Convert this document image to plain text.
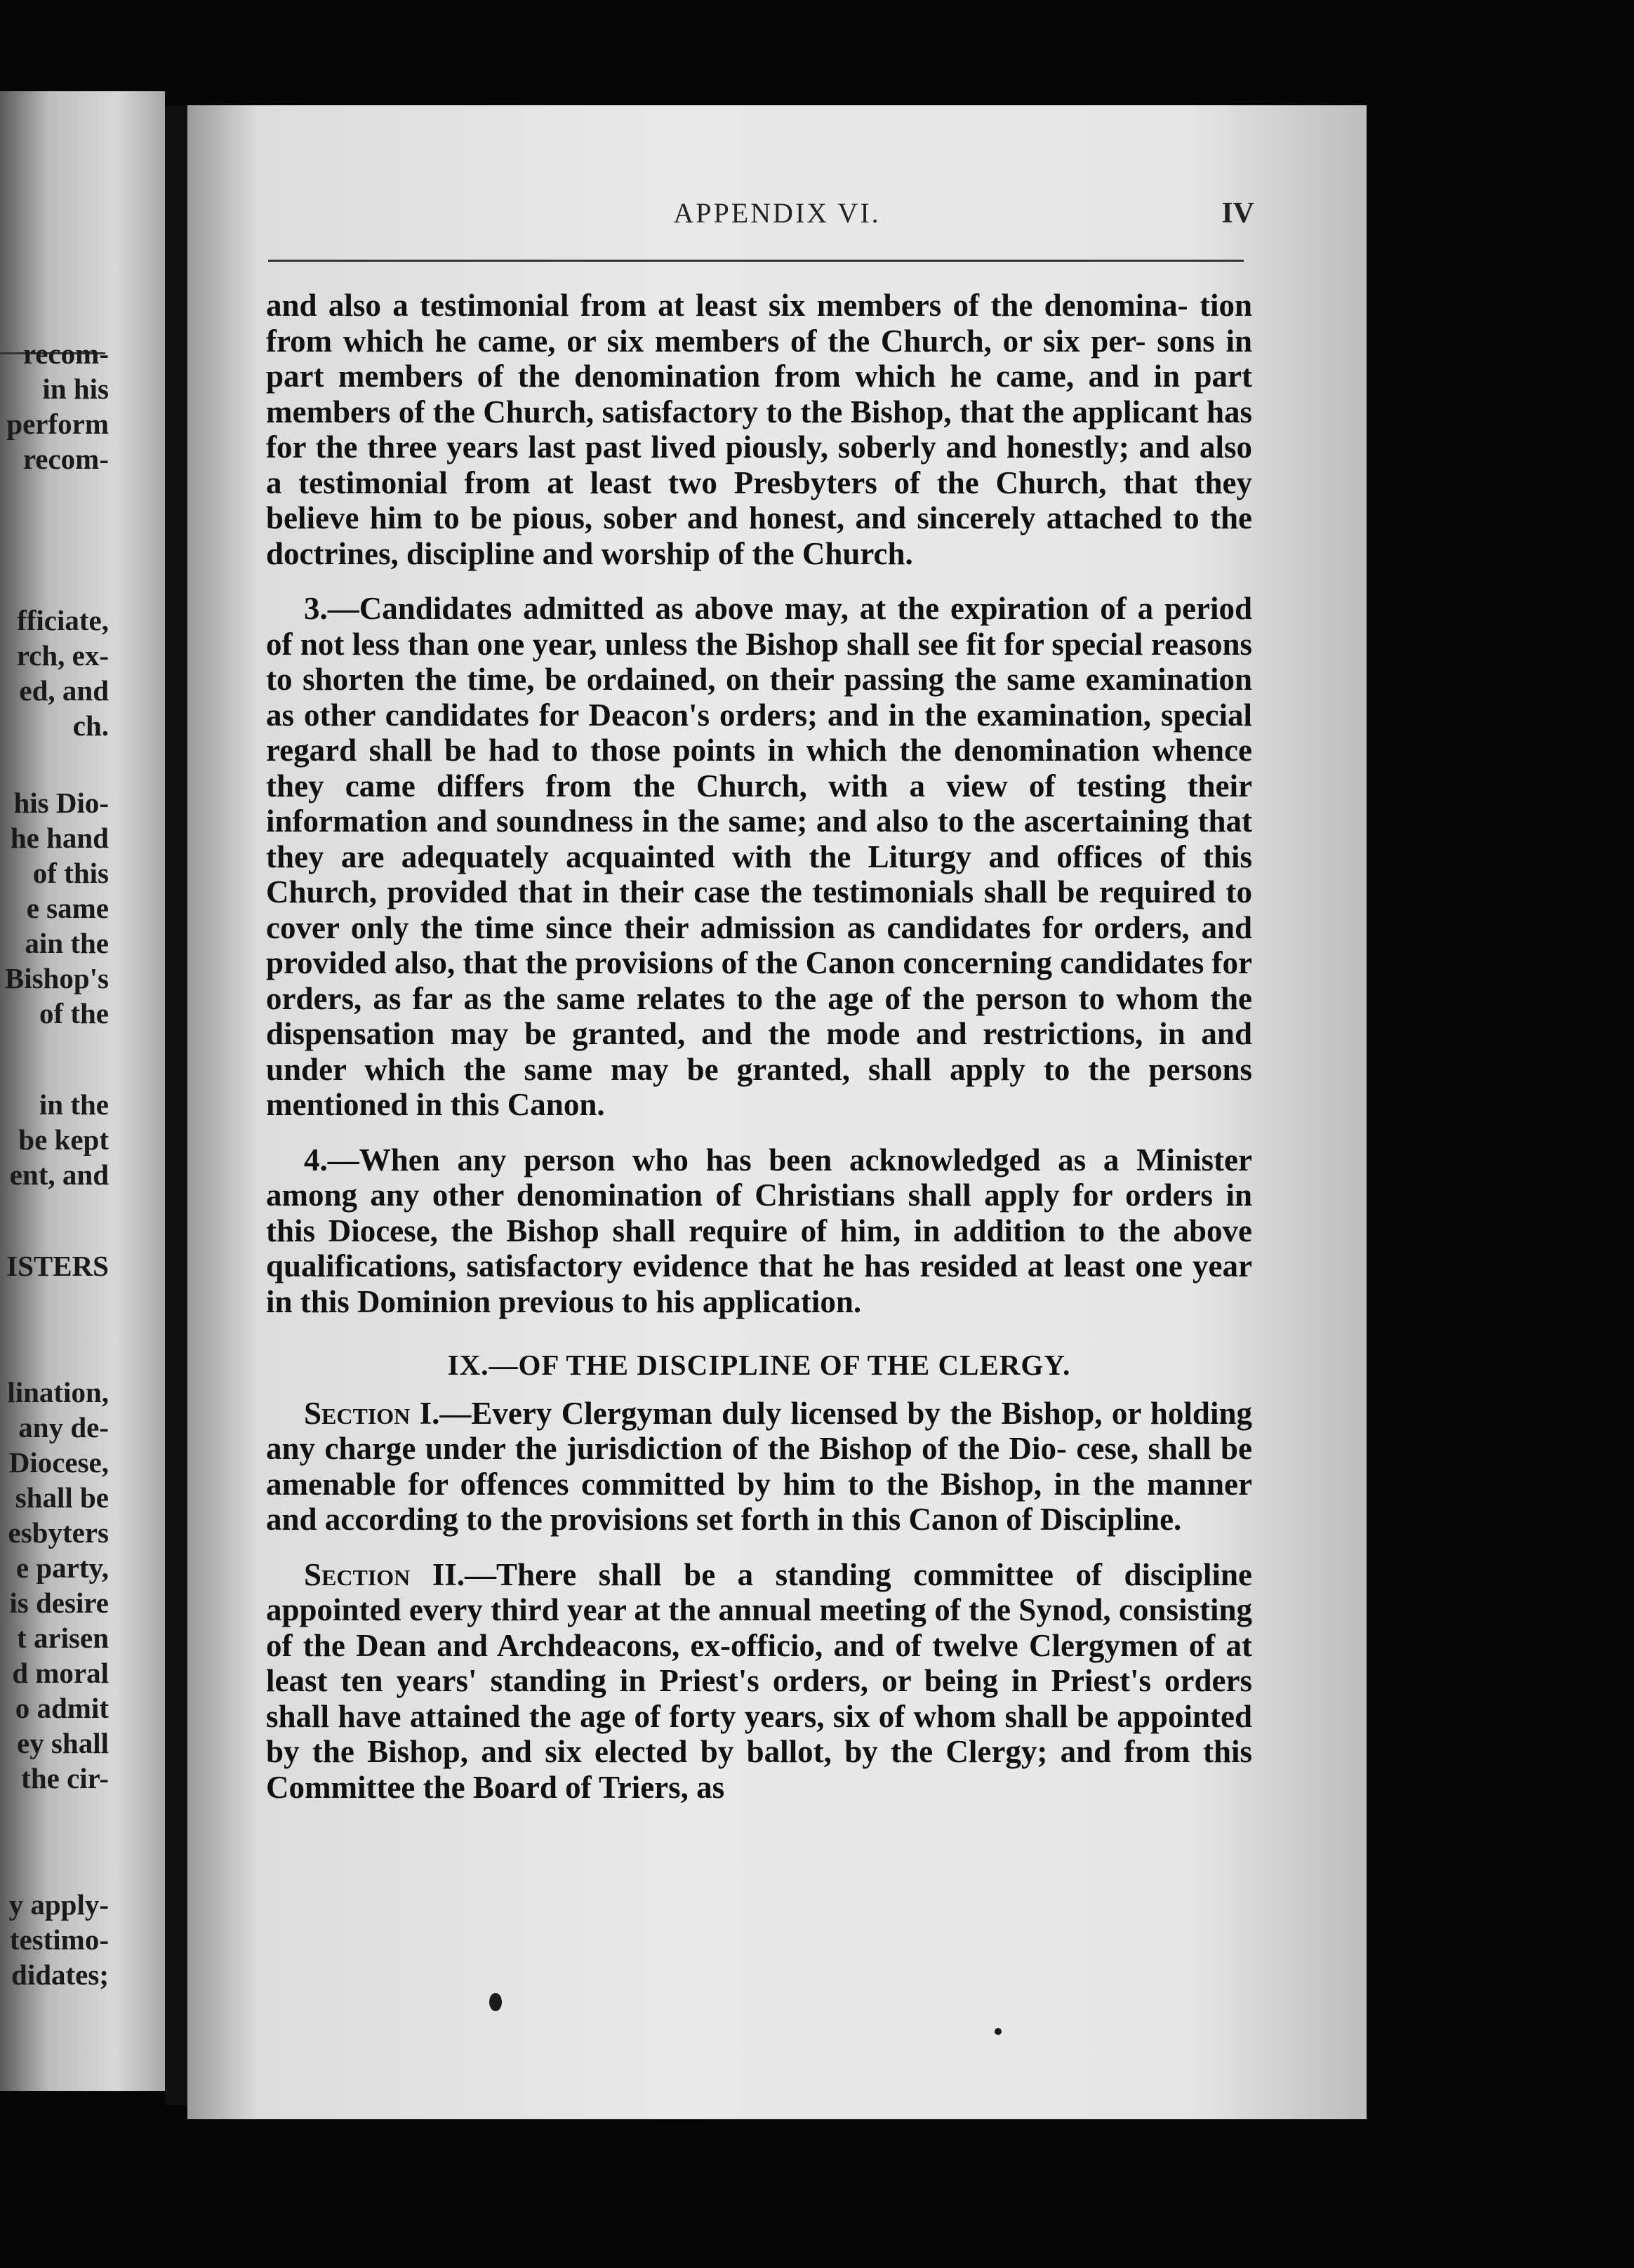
recom-
in his
perform
recom-
fficiate,
rch, ex-
ed, and
ch.
his Dio-
he hand
of this
e same
ain the
Bishop's
of the
in the
be kept
ent, and
ISTERS
lination,
any de-
Diocese,
shall be
esbyters
e party,
is desire
t arisen
d moral
o admit
ey shall
the cir-
y apply-
testimo-
didates;
APPENDIX VI.	IV

and also a testimonial from at least six members of the denomina- tion from which he came, or six members of the Church, or six per- sons in part members of the denomination from which he came, and in part members of the Church, satisfactory to the Bishop, that the applicant has for the three years last past lived piously, soberly and honestly; and also a testimonial from at least two Presbyters of the Church, that they believe him to be pious, sober and honest, and sincerely attached to the doctrines, discipline and worship of the Church.

3.—Candidates admitted as above may, at the expiration of a period of not less than one year, unless the Bishop shall see fit for special reasons to shorten the time, be ordained, on their passing the same examination as other candidates for Deacon's orders; and in the examination, special regard shall be had to those points in which the denomination whence they came differs from the Church, with a view of testing their information and soundness in the same; and also to the ascertaining that they are adequately acquainted with the Liturgy and offices of this Church, provided that in their case the testimonials shall be required to cover only the time since their admission as candidates for orders, and provided also, that the provisions of the Canon concerning candidates for orders, as far as the same relates to the age of the person to whom the dispensation may be granted, and the mode and restrictions, in and under which the same may be granted, shall apply to the persons mentioned in this Canon.

4.—When any person who has been acknowledged as a Minister among any other denomination of Christians shall apply for orders in this Diocese, the Bishop shall require of him, in addition to the above qualifications, satisfactory evidence that he has resided at least one year in this Dominion previous to his application.

IX.—OF THE DISCIPLINE OF THE CLERGY.

Section I.—Every Clergyman duly licensed by the Bishop, or holding any charge under the jurisdiction of the Bishop of the Dio- cese, shall be amenable for offences committed by him to the Bishop, in the manner and according to the provisions set forth in this Canon of Discipline.

Section II.—There shall be a standing committee of discipline appointed every third year at the annual meeting of the Synod, consisting of the Dean and Archdeacons, ex-officio, and of twelve Clergymen of at least ten years' standing in Priest's orders, or being in Priest's orders shall have attained the age of forty years, six of whom shall be appointed by the Bishop, and six elected by ballot, by the Clergy; and from this Committee the Board of Triers, as
